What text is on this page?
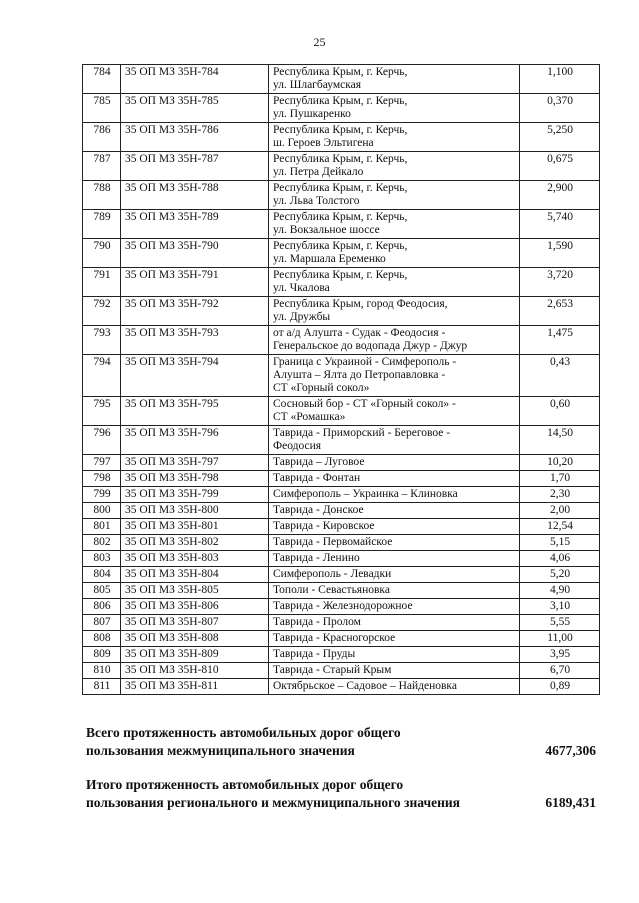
25
784	35 ОП МЗ 35Н-784	Республика Крым, г. Керчь,
ул. Шлагбаумская	1,100
785	35 ОП МЗ 35Н-785	Республика Крым, г. Керчь,
ул. Пушкаренко	0,370
786	35 ОП МЗ 35Н-786	Республика Крым, г. Керчь,
ш. Героев Эльтигена	5,250
787	35 ОП МЗ 35Н-787	Республика Крым, г. Керчь,
ул. Петра Дейкало	0,675
788	35 ОП МЗ 35Н-788	Республика Крым, г. Керчь,
ул. Льва Толстого	2,900
789	35 ОП МЗ 35Н-789	Республика Крым, г. Керчь,
ул. Вокзальное шоссе	5,740
790	35 ОП МЗ 35Н-790	Республика Крым, г. Керчь,
ул. Маршала Еременко	1,590
791	35 ОП МЗ 35Н-791	Республика Крым, г. Керчь,
ул. Чкалова	3,720
792	35 ОП МЗ 35Н-792	Республика Крым, город Феодосия,
ул. Дружбы	2,653
793	35 ОП МЗ 35Н-793	от а/д Алушта - Судак - Феодосия -
Генеральское до водопада Джур - Джур	1,475
794	35 ОП МЗ 35Н-794	Граница с Украиной - Симферополь -
Алушта – Ялта до Петропавловка -
СТ «Горный сокол»	0,43
795	35 ОП МЗ 35Н-795	Сосновый бор - СТ «Горный сокол» -
СТ «Ромашка»	0,60
796	35 ОП МЗ 35Н-796	Таврида - Приморский - Береговое -
Феодосия	14,50
797	35 ОП МЗ 35Н-797	Таврида – Луговое	10,20
798	35 ОП МЗ 35Н-798	Таврида - Фонтан	1,70
799	35 ОП МЗ 35Н-799	Симферополь – Украинка – Клиновка	2,30
800	35 ОП МЗ 35Н-800	Таврида - Донское	2,00
801	35 ОП МЗ 35Н-801	Таврида - Кировское	12,54
802	35 ОП МЗ 35Н-802	Таврида - Первомайское	5,15
803	35 ОП МЗ 35Н-803	Таврида - Ленино	4,06
804	35 ОП МЗ 35Н-804	Симферополь - Левадки	5,20
805	35 ОП МЗ 35Н-805	Тополи - Севастьяновка	4,90
806	35 ОП МЗ 35Н-806	Таврида - Железнодорожное	3,10
807	35 ОП МЗ 35Н-807	Таврида - Пролом	5,55
808	35 ОП МЗ 35Н-808	Таврида - Красногорское	11,00
809	35 ОП МЗ 35Н-809	Таврида - Пруды	3,95
810	35 ОП МЗ 35Н-810	Таврида - Старый Крым	6,70
811	35 ОП МЗ 35Н-811	Октябрьское – Садовое – Найденовка	0,89
Всего протяженность автомобильных дорог общего
пользования межмуниципального значения	4677,306
Итого протяженность автомобильных дорог общего
пользования регионального и межмуниципального значения	6189,431
